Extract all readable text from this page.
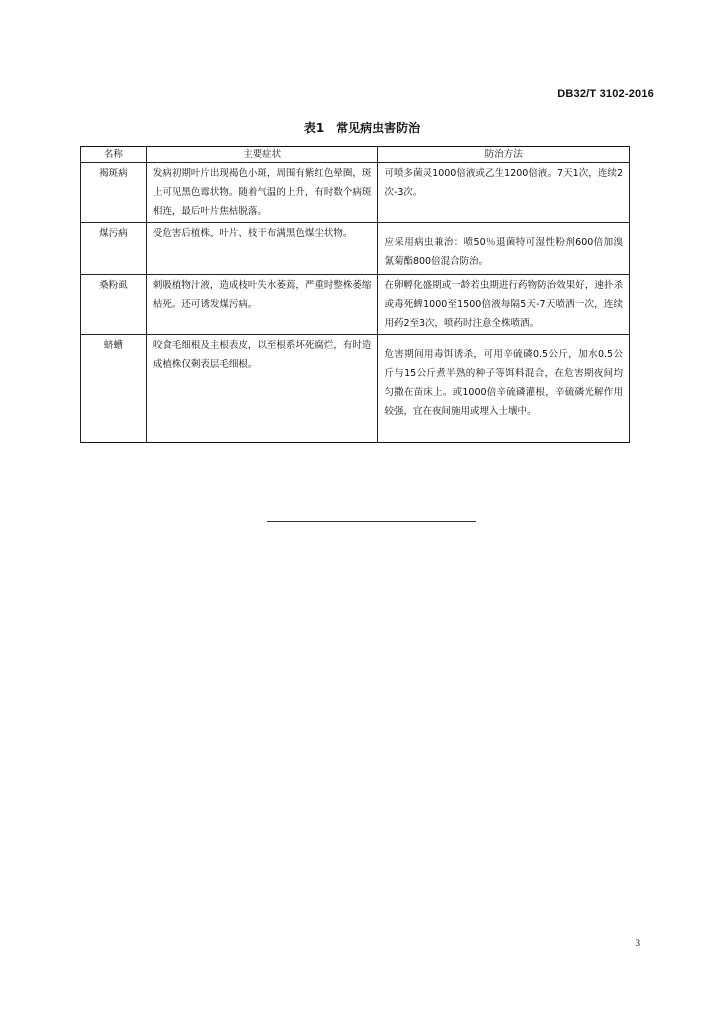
DB32/T 3102-2016
表1　常见病虫害防治
名称	主要症状	防治方法
褐斑病	发病初期叶片出现褐色小斑，周围有紫红色晕圈，斑上可见黑色霉状物。随着气温的上升，有时数个病斑相连，最后叶片焦枯脱落。	可喷多菌灵1000倍液或乙生1200倍液。7天1次，连续2次-3次。
煤污病	受危害后植株、叶片、枝干布满黑色煤尘状物。	应采用病虫兼治：喷50％退菌特可湿性粉剂600倍加溴氰菊酯800倍混合防治。
桑粉虱	刺吸植物汁液，造成枝叶失水萎蔫，严重时整株萎缩枯死。还可诱发煤污病。	在卵孵化盛期或一龄若虫期进行药物防治效果好，速扑杀或毒死蜱1000至1500倍液每隔5天-7天喷洒一次，连续用药2至3次，喷药时注意全株喷洒。
蛴螬	咬食毛细根及主根表皮，以至根系坏死腐烂，有时造成植株仅剩表层毛细根。	危害期间用毒饵诱杀，可用辛硫磷0.5公斤，加水0.5公斤与15公斤煮半熟的种子等饵料混合，在危害期夜间均匀撒在苗床上。或1000倍辛硫磷灌根，辛硫磷光解作用较强，宜在夜间施用或埋入土壤中。
3
